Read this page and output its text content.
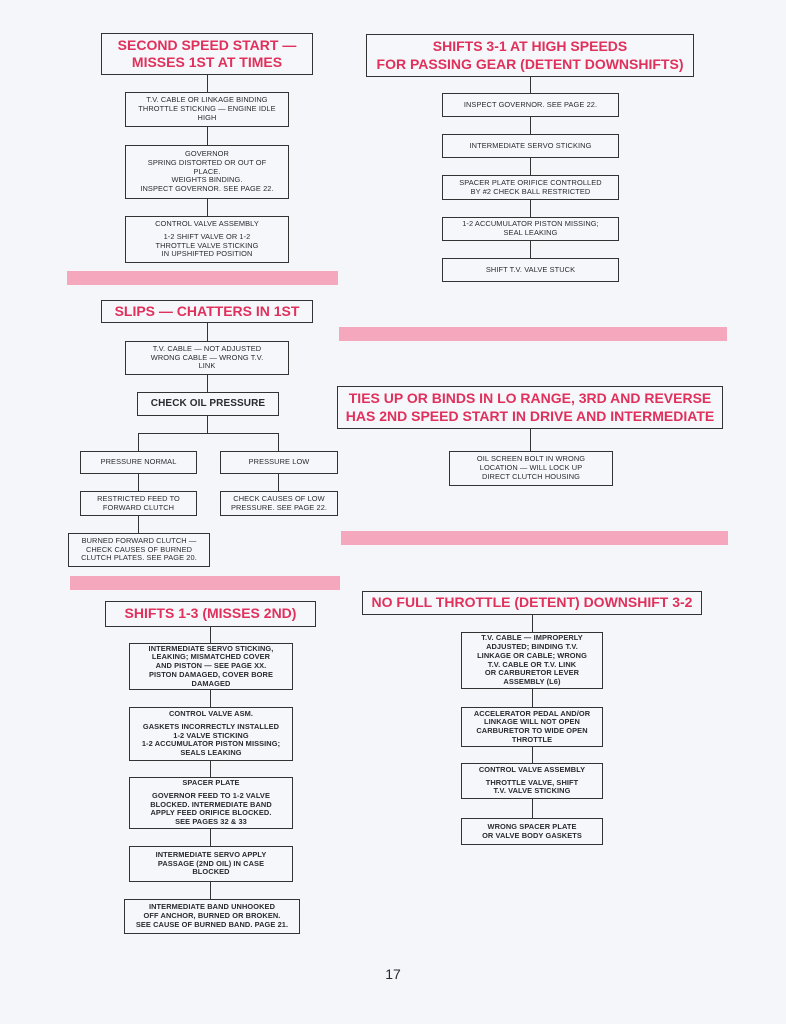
SECOND SPEED START —
MISSES 1ST AT TIMES
T.V. CABLE OR LINKAGE BINDING
THROTTLE STICKING — ENGINE IDLE
HIGH
GOVERNOR
SPRING DISTORTED OR OUT OF
PLACE.
WEIGHTS BINDING.
INSPECT GOVERNOR. SEE PAGE 22.
CONTROL VALVE ASSEMBLY
1-2 SHIFT VALVE OR 1-2
THROTTLE VALVE STICKING
IN UPSHIFTED POSITION
SLIPS — CHATTERS IN 1ST
T.V. CABLE — NOT ADJUSTED
WRONG CABLE — WRONG T.V.
LINK
CHECK OIL PRESSURE
PRESSURE NORMAL	PRESSURE LOW
RESTRICTED FEED TO
FORWARD CLUTCH
CHECK CAUSES OF LOW
PRESSURE. SEE PAGE 22.
BURNED FORWARD CLUTCH —
CHECK CAUSES OF BURNED
CLUTCH PLATES. SEE PAGE 20.
SHIFTS 1-3 (MISSES 2ND)
INTERMEDIATE SERVO STICKING,
LEAKING; MISMATCHED COVER
AND PISTON — SEE PAGE XX.
PISTON DAMAGED, COVER BORE
DAMAGED
CONTROL VALVE ASM.
GASKETS INCORRECTLY INSTALLED
1-2 VALVE STICKING
1-2 ACCUMULATOR PISTON MISSING;
SEALS LEAKING
SPACER PLATE
GOVERNOR FEED TO 1-2 VALVE
BLOCKED. INTERMEDIATE BAND
APPLY FEED ORIFICE BLOCKED.
SEE PAGES 32 & 33
INTERMEDIATE SERVO APPLY
PASSAGE (2ND OIL) IN CASE
BLOCKED
INTERMEDIATE BAND UNHOOKED
OFF ANCHOR, BURNED OR BROKEN.
SEE CAUSE OF BURNED BAND. PAGE 21.
SHIFTS 3-1 AT HIGH SPEEDS
FOR PASSING GEAR (DETENT DOWNSHIFTS)
INSPECT GOVERNOR. SEE PAGE 22.
INTERMEDIATE SERVO STICKING
SPACER PLATE ORIFICE CONTROLLED
BY #2 CHECK BALL RESTRICTED
1-2 ACCUMULATOR PISTON MISSING;
SEAL LEAKING
SHIFT T.V. VALVE STUCK
TIES UP OR BINDS IN LO RANGE, 3RD AND REVERSE
HAS 2ND SPEED START IN DRIVE AND INTERMEDIATE
OIL SCREEN BOLT IN WRONG
LOCATION — WILL LOCK UP
DIRECT CLUTCH HOUSING
NO FULL THROTTLE (DETENT) DOWNSHIFT 3-2
T.V. CABLE — IMPROPERLY
ADJUSTED; BINDING T.V.
LINKAGE OR CABLE; WRONG
T.V. CABLE OR T.V. LINK
OR CARBURETOR LEVER
ASSEMBLY (L6)
ACCELERATOR PEDAL AND/OR
LINKAGE WILL NOT OPEN
CARBURETOR TO WIDE OPEN
THROTTLE
CONTROL VALVE ASSEMBLY
THROTTLE VALVE, SHIFT
T.V. VALVE STICKING
WRONG SPACER PLATE
OR VALVE BODY GASKETS
17
